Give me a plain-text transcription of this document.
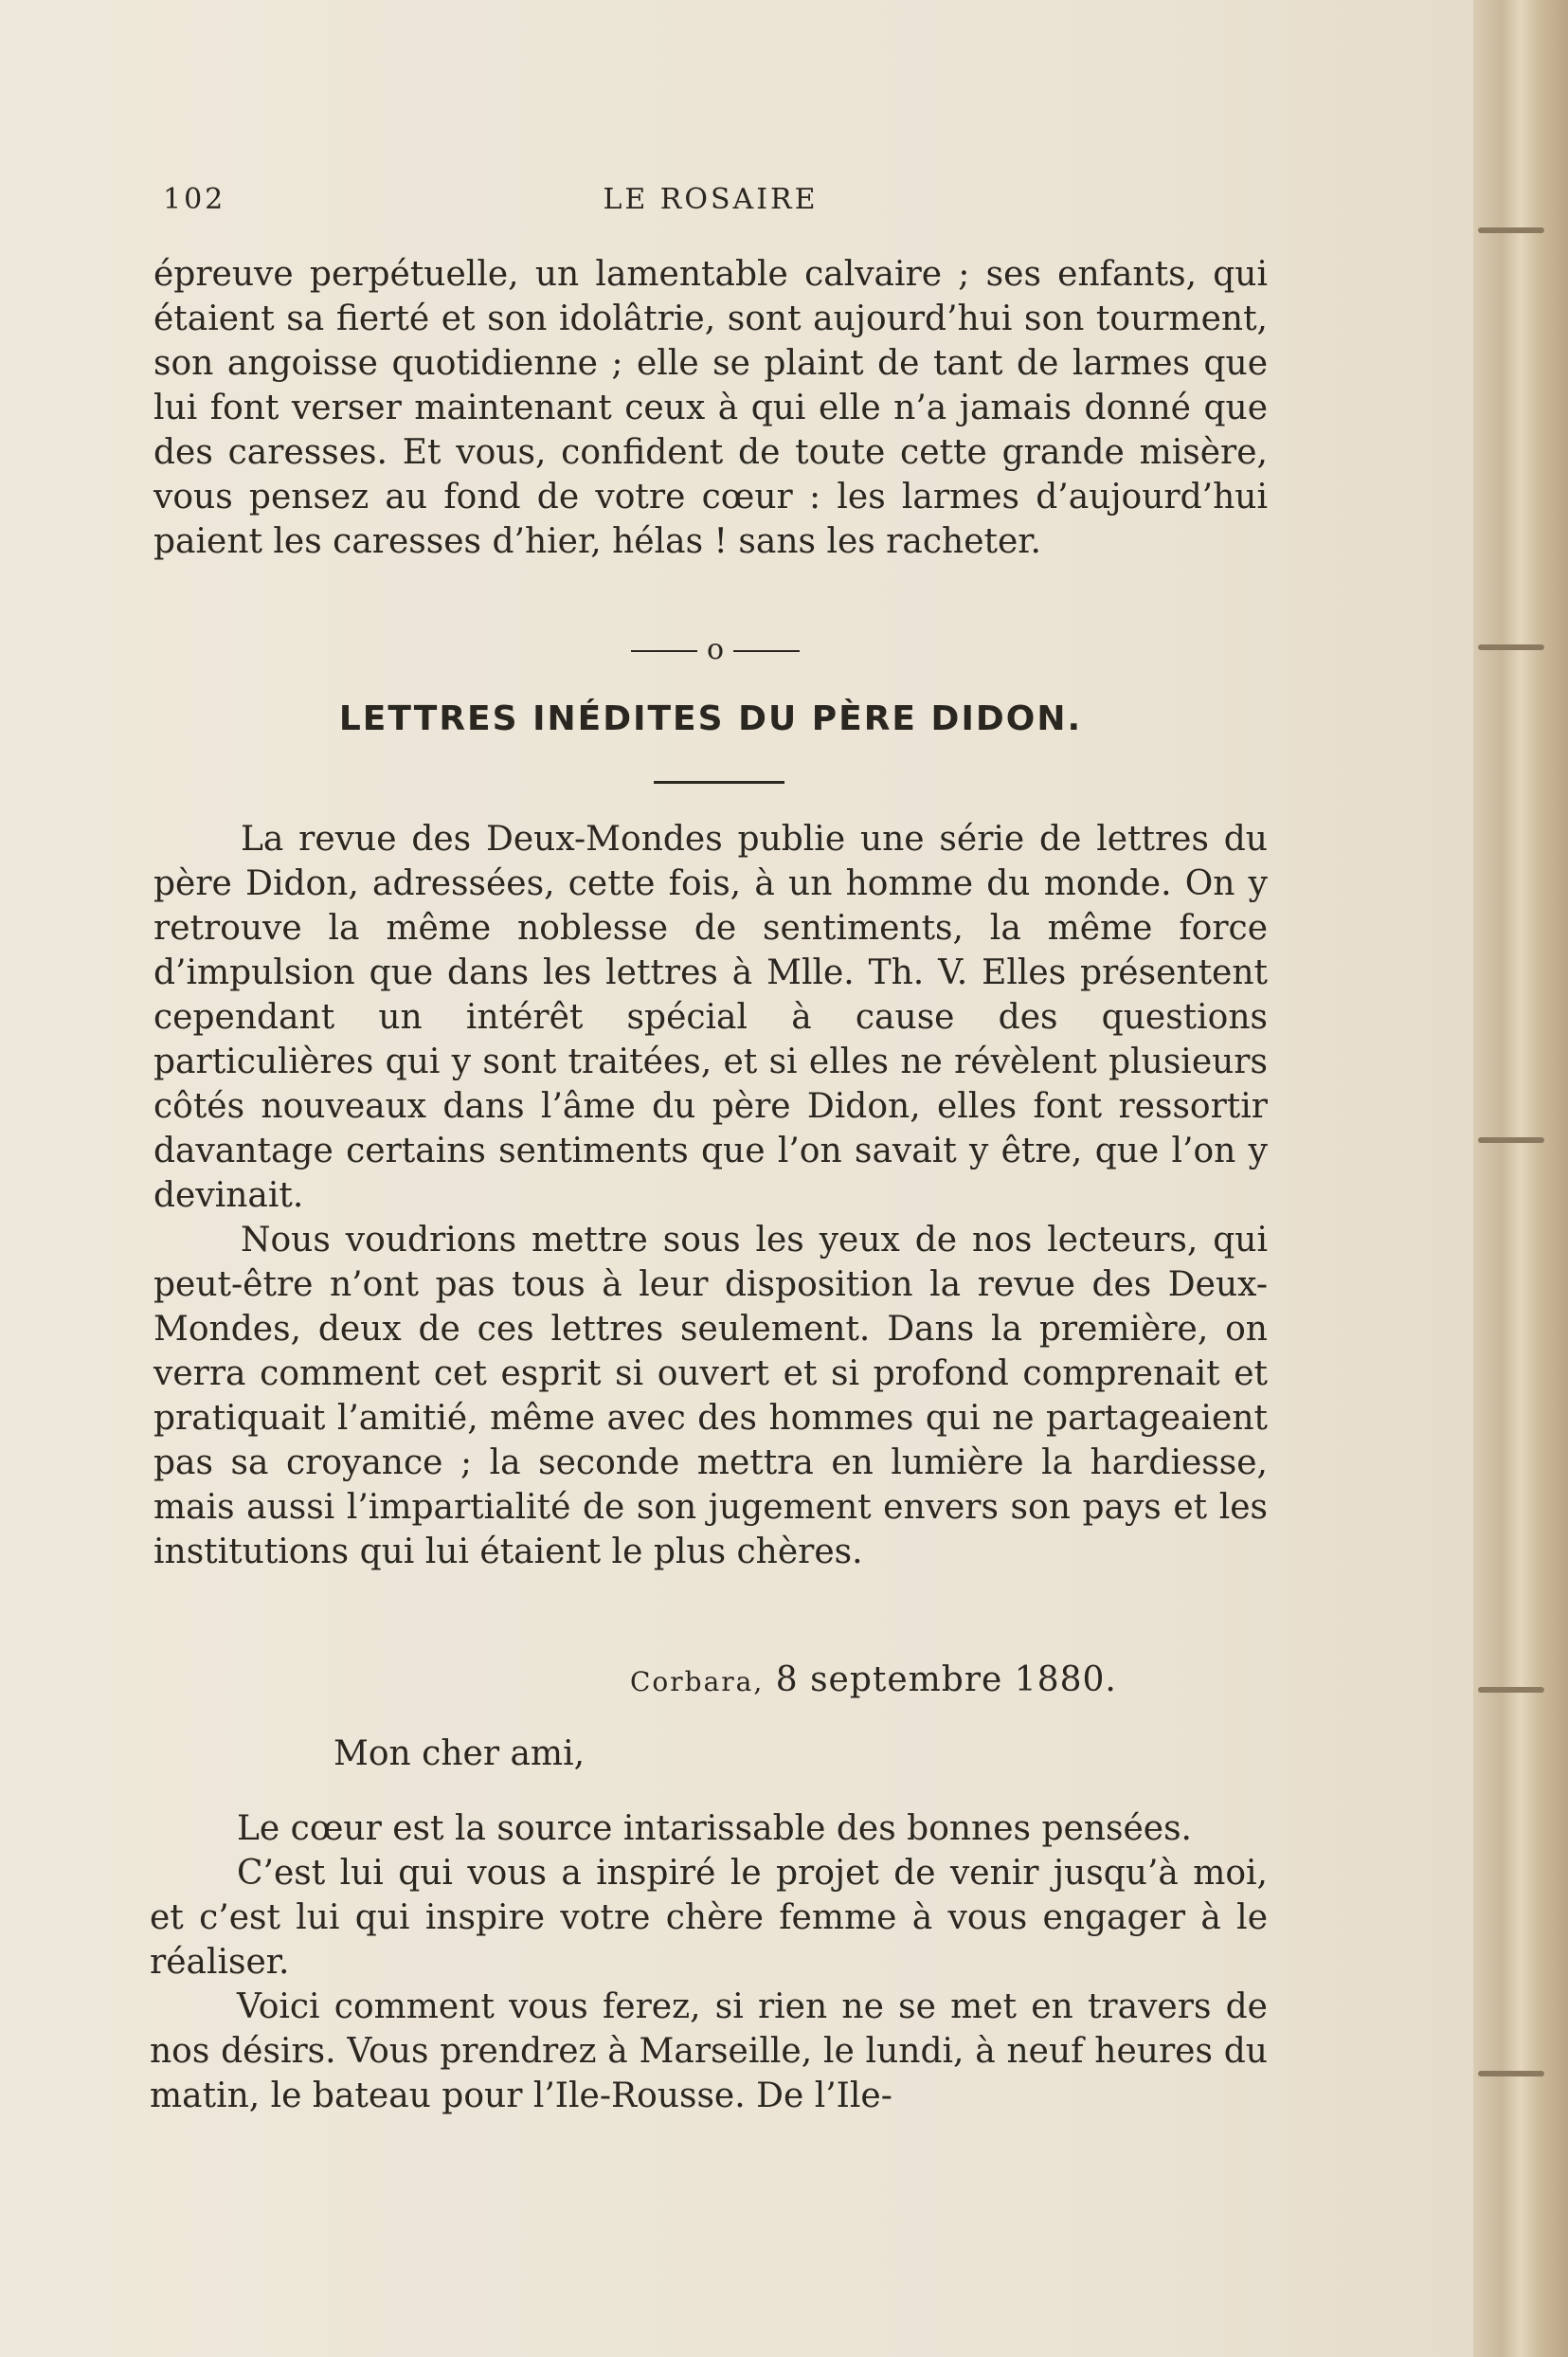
102	LE ROSAIRE

épreuve perpétuelle, un lamentable calvaire ; ses enfants, qui étaient sa fierté et son idolâtrie, sont aujourd’hui son tourment, son angoisse quotidienne ; elle se plaint de tant de larmes que lui font verser maintenant ceux à qui elle n’a jamais donné que des caresses. Et vous, confident de toute cette grande misère, vous pensez au fond de votre cœur : les larmes d’aujourd’hui paient les caresses d’hier, hélas ! sans les racheter.

o
LETTRES INÉDITES DU PÈRE DIDON.

La revue des Deux-Mondes publie une série de lettres du père Didon, adressées, cette fois, à un homme du monde. On y retrouve la même noblesse de sentiments, la même force d’impulsion que dans les lettres à Mlle. Th. V. Elles présentent cependant un intérêt spécial à cause des questions particulières qui y sont traitées, et si elles ne révèlent plusieurs côtés nouveaux dans l’âme du père Didon, elles font ressortir davantage certains sentiments que l’on savait y être, que l’on y devinait.

Nous voudrions mettre sous les yeux de nos lecteurs, qui peut-être n’ont pas tous à leur disposition la revue des Deux-Mondes, deux de ces lettres seulement. Dans la première, on verra comment cet esprit si ouvert et si profond comprenait et pratiquait l’amitié, même avec des hommes qui ne partageaient pas sa croyance ; la seconde mettra en lumière la hardiesse, mais aussi l’impartialité de son jugement envers son pays et les institutions qui lui étaient le plus chères.

Corbara, 8 septembre 1880.
Mon cher ami,

Le cœur est la source intarissable des bonnes pensées.

C’est lui qui vous a inspiré le projet de venir jusqu’à moi, et c’est lui qui inspire votre chère femme à vous engager à le réaliser.

Voici comment vous ferez, si rien ne se met en travers de nos désirs. Vous prendrez à Marseille, le lundi, à neuf heures du matin, le bateau pour l’Ile-Rousse. De l’Ile-
